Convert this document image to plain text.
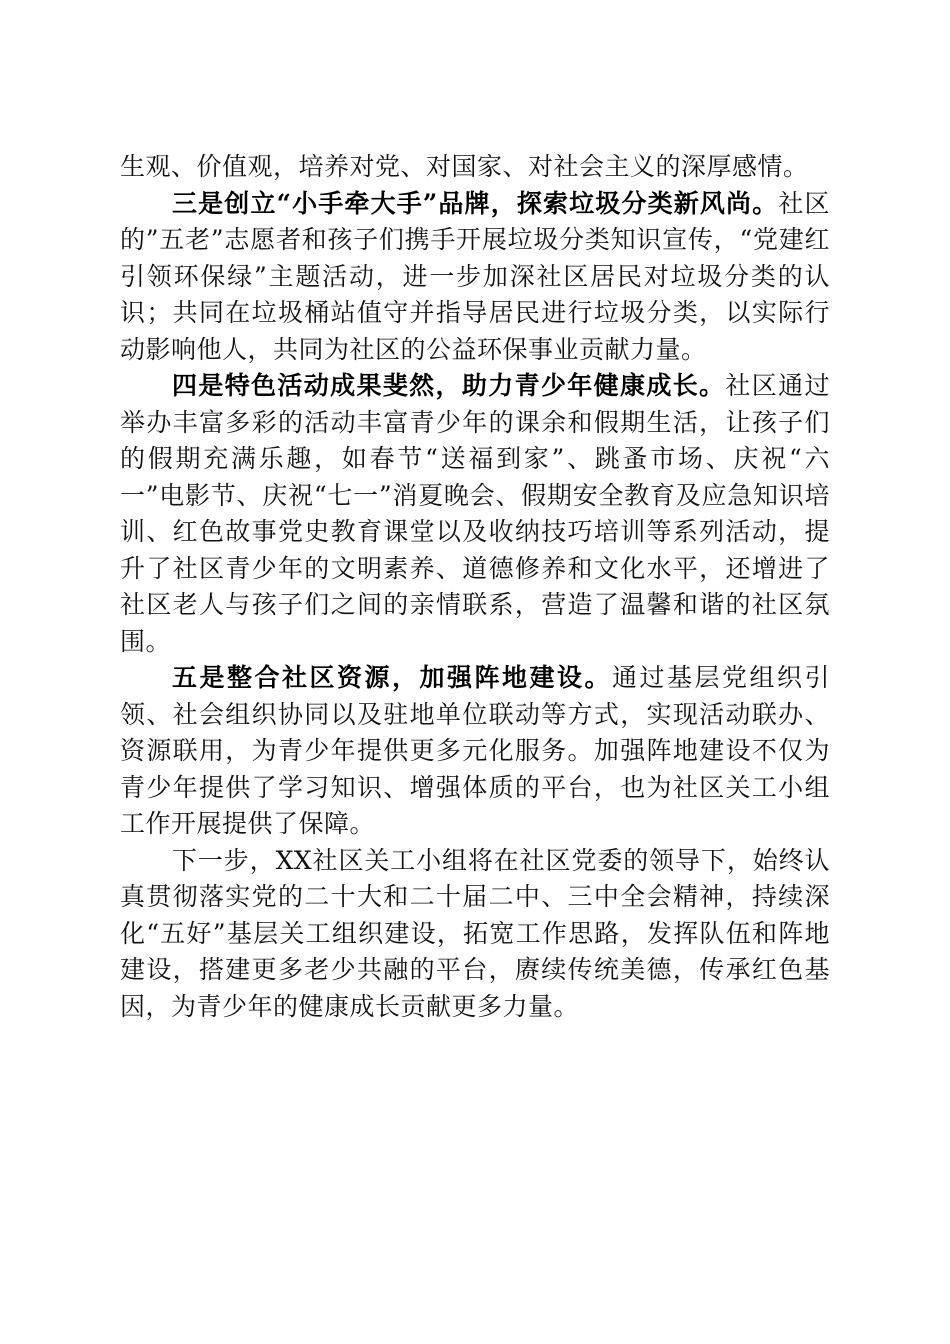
生观、价值观，培养对党、对国家、对社会主义的深厚感情。

三是创立“小手牵大手”品牌，探索垃圾分类新风尚。社区的”五老”志愿者和孩子们携手开展垃圾分类知识宣传，“党建红引领环保绿”主题活动，进一步加深社区居民对垃圾分类的认识；共同在垃圾桶站值守并指导居民进行垃圾分类，以实际行动影响他人，共同为社区的公益环保事业贡献力量。

四是特色活动成果斐然，助力青少年健康成长。社区通过举办丰富多彩的活动丰富青少年的课余和假期生活，让孩子们的假期充满乐趣，如春节“送福到家”、跳蚤市场、庆祝“六一”电影节、庆祝“七一”消夏晚会、假期安全教育及应急知识培训、红色故事党史教育课堂以及收纳技巧培训等系列活动，提升了社区青少年的文明素养、道德修养和文化水平，还增进了社区老人与孩子们之间的亲情联系，营造了温馨和谐的社区氛围。

五是整合社区资源，加强阵地建设。通过基层党组织引领、社会组织协同以及驻地单位联动等方式，实现活动联办、资源联用，为青少年提供更多元化服务。加强阵地建设不仅为青少年提供了学习知识、增强体质的平台，也为社区关工小组工作开展提供了保障。

下一步，XX社区关工小组将在社区党委的领导下，始终认真贯彻落实党的二十大和二十届二中、三中全会精神，持续深化“五好”基层关工组织建设，拓宽工作思路，发挥队伍和阵地建设，搭建更多老少共融的平台，赓续传统美德，传承红色基因，为青少年的健康成长贡献更多力量。
